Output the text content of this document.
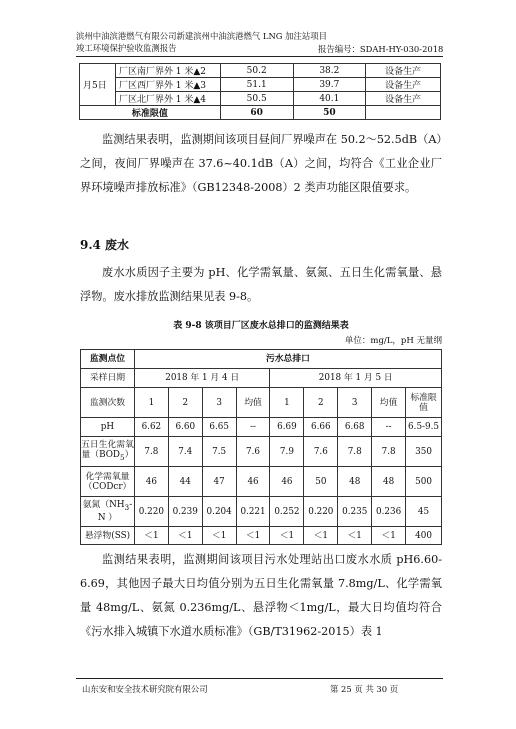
滨州中油滨港燃气有限公司新建滨州中油滨港燃气 LNG 加注站项目
竣工环境保护验收监测报告	报告编号：SDAH-HY-030-2018
月5日	厂区南厂界外 1 米▲2	50.2	38.2	设备生产
	厂区西厂界外 1 米▲3	51.1	39.7	设备生产
	厂区北厂界外 1 米▲4	50.5	40.1	设备生产
标准限值		60	50	
监测结果表明，监测期间该项目昼间厂界噪声在 50.2～52.5dB（A）之间，夜间厂界噪声在 37.6~40.1dB（A）之间，均符合《工业企业厂界环境噪声排放标准》（GB12348-2008）2 类声功能区限值要求。
9.4 废水
废水水质因子主要为 pH、化学需氧量、氨氮、五日生化需氧量、悬浮物。废水排放监测结果见表 9-8。
表 9-8 该项目厂区废水总排口的监测结果表
单位：mg/L，pH 无量纲
监测点位	污水总排口								
采样日期	2018 年 1 月 4 日				2018 年 1 月 5 日				
监测次数	1	2	3	均值	1	2	3	均值	标准限值
pH	6.62	6.60	6.65	--	6.69	6.66	6.68	--	6.5-9.5
五日生化需氧量$(BOD_5)$	7.8	7.4	7.5	7.6	7.9	7.6	7.8	7.8	350
化学需氧量（CODcr）	46	44	47	46	46	50	48	48	500
氨氮（$NH_3-N$ ）	0.220	0.239	0.204	0.221	0.252	0.220	0.235	0.236	45
悬浮物(SS)	＜1	＜1	＜1	＜1	＜1	＜1	＜1	＜1	400
监测结果表明，监测期间该项目污水处理站出口废水水质 pH6.60-6.69，其他因子最大日均值分别为五日生化需氧量 7.8mg/L、化学需氧量 48mg/L、氨氮 0.236mg/L、悬浮物＜1mg/L，最大日均值均符合《污水排入城镇下水道水质标准》（GB/T31962-2015）表 1
山东安和安全技术研究院有限公司	第 25 页 共 30 页
